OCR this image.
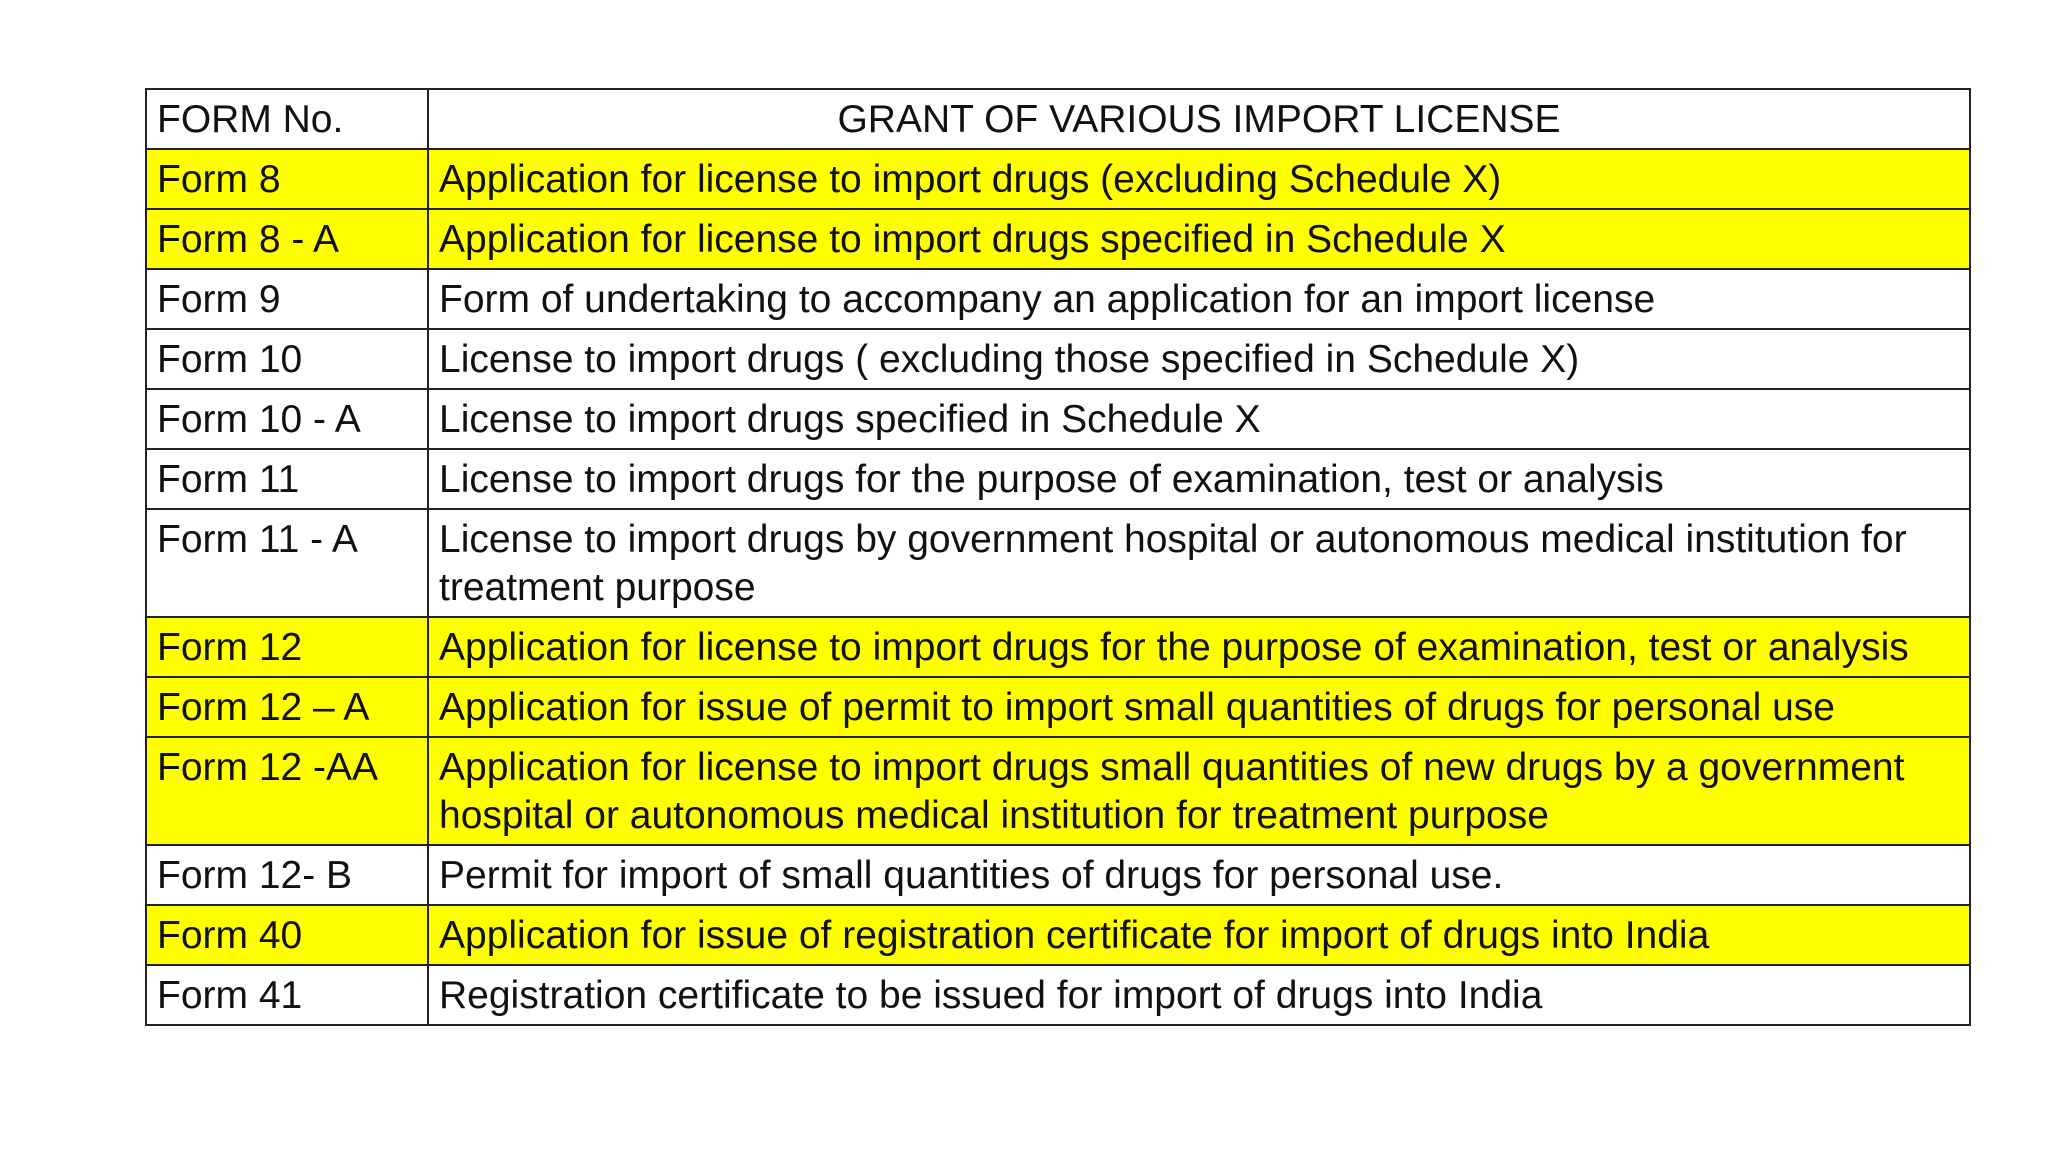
FORM No.	GRANT OF VARIOUS IMPORT LICENSE
Form 8	Application for license to import drugs (excluding Schedule X)
Form 8 - A	Application for license to import drugs specified in Schedule X
Form 9	Form of undertaking to accompany an application for an import license
Form 10	License to import drugs ( excluding those specified in Schedule X)
Form 10 - A	License to import drugs specified in Schedule X
Form 11	License to import drugs for the purpose of examination, test or analysis
Form 11 - A	License to import drugs by government hospital or autonomous medical institution for treatment purpose
Form 12	Application for license to import drugs for the purpose of examination, test or analysis
Form 12 – A	Application for issue of permit to import small quantities of drugs for personal use
Form 12 -AA	Application for license to import drugs small quantities of new drugs by a government hospital or autonomous medical institution for treatment purpose
Form 12- B	Permit for import of small quantities of drugs for personal use.
Form 40	Application for issue of registration certificate for import of drugs into India
Form 41	Registration certificate to be issued for import of drugs into India
